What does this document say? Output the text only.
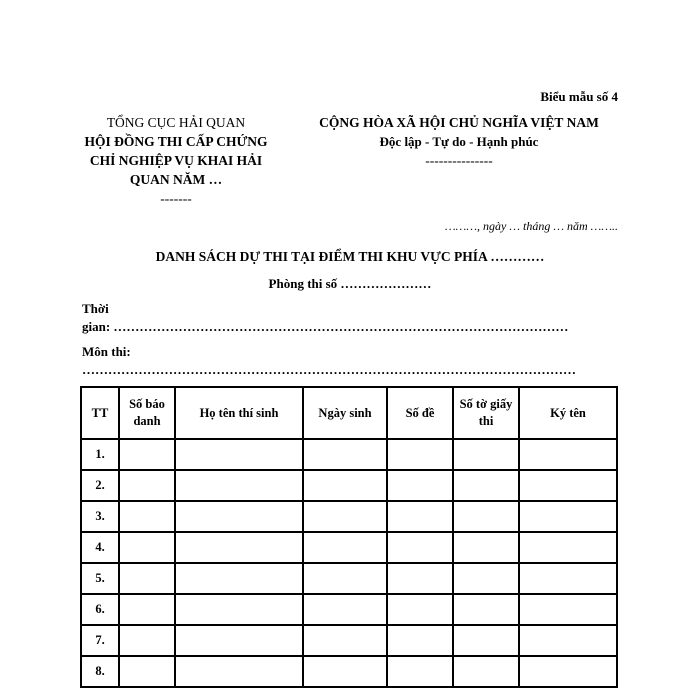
Biểu mẫu số 4
TỔNG CỤC HẢI QUAN
HỘI ĐỒNG THI CẤP CHỨNG
CHỈ NGHIỆP VỤ KHAI HẢI
QUAN NĂM …
-------
CỘNG HÒA XÃ HỘI CHỦ NGHĨA VIỆT NAM
Độc lập - Tự do - Hạnh phúc
---------------
………, ngày … tháng … năm ……..
DANH SÁCH DỰ THI TẠI ĐIỂM THI KHU VỰC PHÍA …………
Phòng thi số …………………
Thời
gian: ……………………………………………………………………………………………
Môn thi:
……………………………………………………………………………………………………
TT	Số báo danh	Họ tên thí sinh	Ngày sinh	Số đề	Số tờ giấy thi	Ký tên
1.						
2.						
3.						
4.						
5.						
6.						
7.						
8.						
